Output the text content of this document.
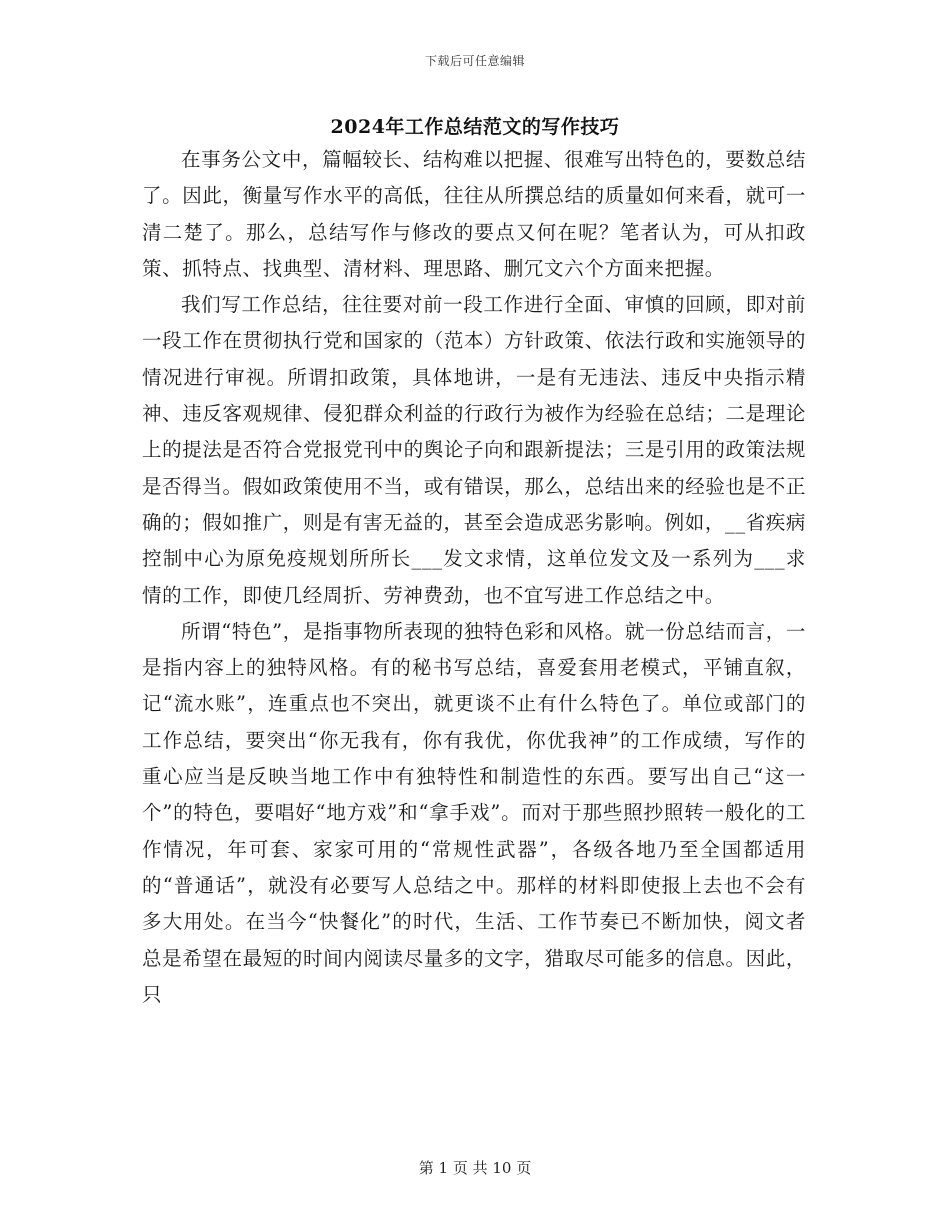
下载后可任意编辑
2024年工作总结范文的写作技巧

在事务公文中，篇幅较长、结构难以把握、很难写出特色的，要数总结了。因此，衡量写作水平的高低，往往从所撰总结的质量如何来看，就可一清二楚了。那么，总结写作与修改的要点又何在呢？笔者认为，可从扣政策、抓特点、找典型、清材料、理思路、删冗文六个方面来把握。

我们写工作总结，往往要对前一段工作进行全面、审慎的回顾，即对前一段工作在贯彻执行党和国家的（范本）方针政策、依法行政和实施领导的情况进行审视。所谓扣政策，具体地讲，一是有无违法、违反中央指示精神、违反客观规律、侵犯群众利益的行政行为被作为经验在总结；二是理论上的提法是否符合党报党刊中的舆论子向和跟新提法；三是引用的政策法规是否得当。假如政策使用不当，或有错误，那么，总结出来的经验也是不正确的；假如推广，则是有害无益的，甚至会造成恶劣影响。例如，__省疾病控制中心为原免疫规划所所长___发文求情，这单位发文及一系列为___求情的工作，即使几经周折、劳神费劲，也不宜写进工作总结之中。

所谓“特色”，是指事物所表现的独特色彩和风格。就一份总结而言，一是指内容上的独特风格。有的秘书写总结，喜爱套用老模式，平铺直叙，记“流水账”，连重点也不突出，就更谈不止有什么特色了。单位或部门的工作总结，要突出“你无我有，你有我优，你优我神”的工作成绩，写作的重心应当是反映当地工作中有独特性和制造性的东西。要写出自己“这一个”的特色，要唱好“地方戏”和“拿手戏”。而对于那些照抄照转一般化的工作情况，年可套、家家可用的“常规性武器”，各级各地乃至全国都适用的“普通话”，就没有必要写人总结之中。那样的材料即使报上去也不会有多大用处。在当今“快餐化”的时代，生活、工作节奏已不断加快，阅文者总是希望在最短的时间内阅读尽量多的文字，猎取尽可能多的信息。因此，只

第 1 页 共 10 页
